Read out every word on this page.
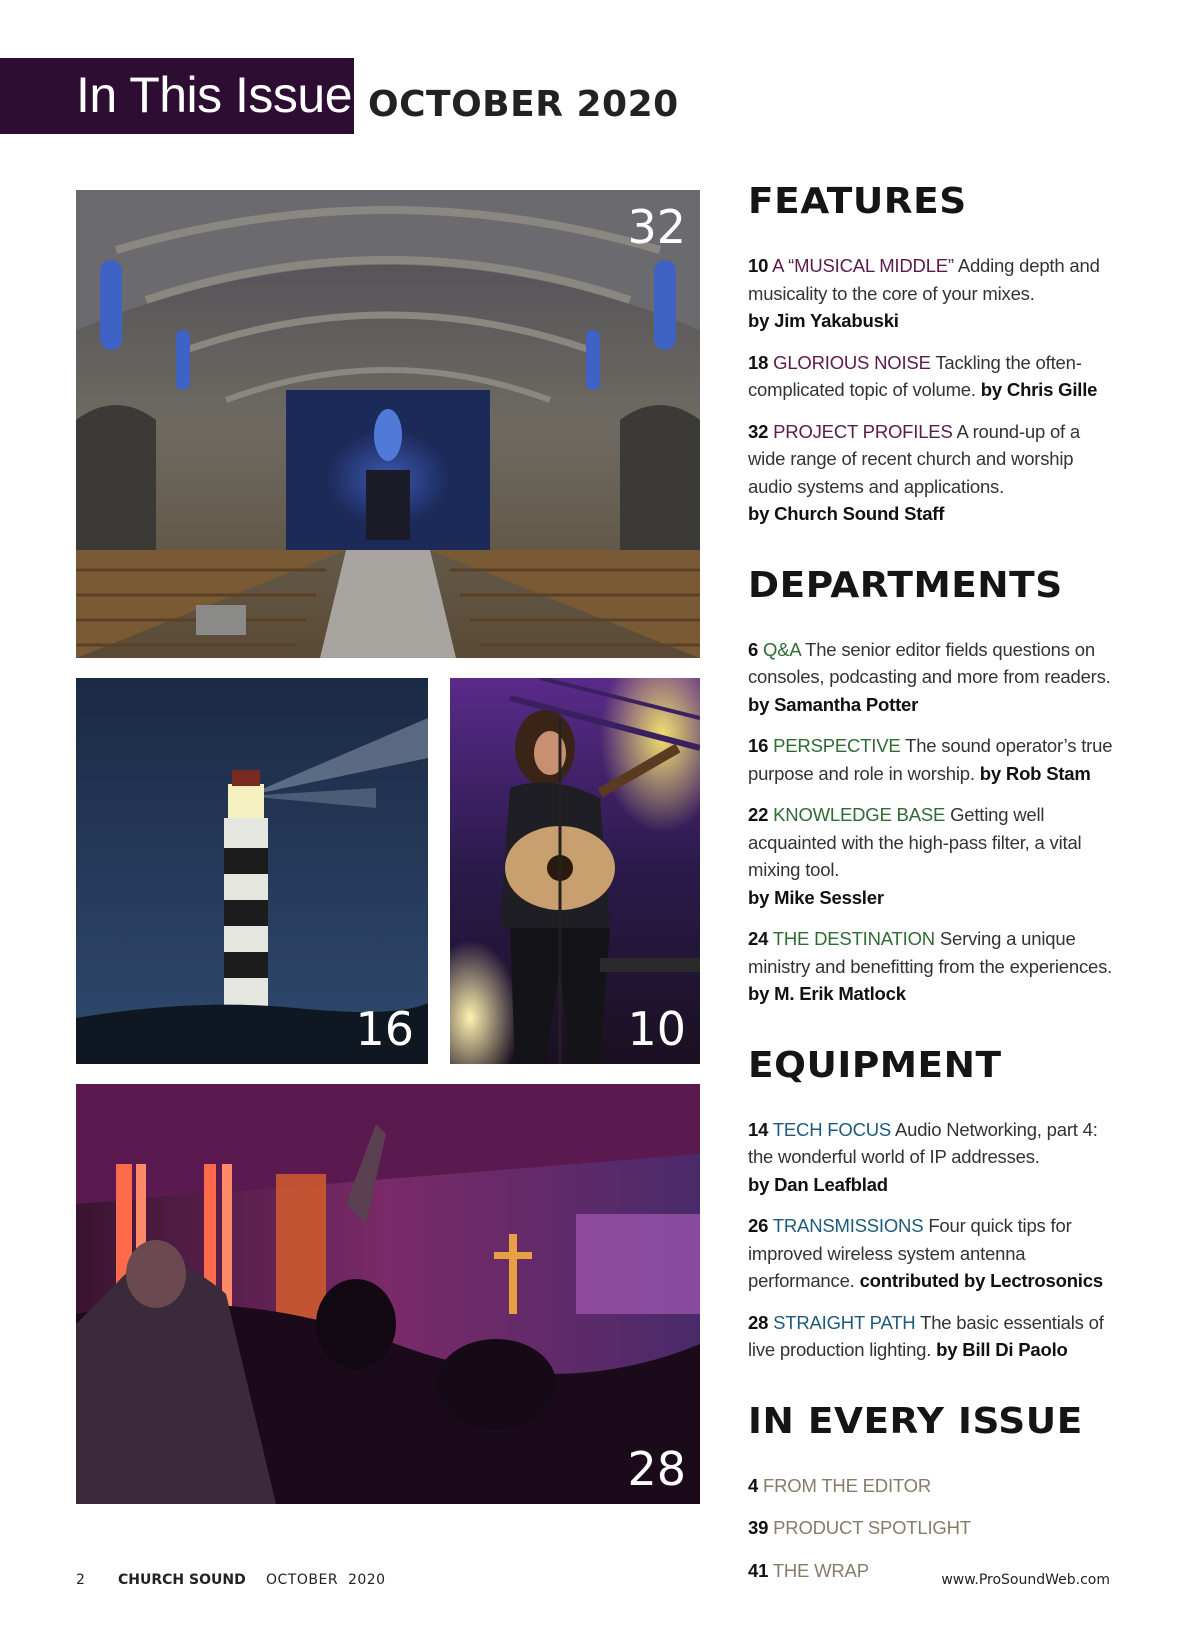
In This Issue OCTOBER 2020
32
16	10
28
FEATURES
10 A “MUSICAL MIDDLE” Adding depth and musicality to the core of your mixes.
by Jim Yakabuski
18 GLORIOUS NOISE Tackling the often-complicated topic of volume. by Chris Gille
32 PROJECT PROFILES A round-up of a wide range of recent church and worship audio systems and applications.
by Church Sound Staff
DEPARTMENTS
6 Q&A The senior editor fields questions on consoles, podcasting and more from readers.
by Samantha Potter
16 PERSPECTIVE The sound operator’s true purpose and role in worship. by Rob Stam
22 KNOWLEDGE BASE Getting well acquainted with the high-pass filter, a vital mixing tool.
by Mike Sessler
24 THE DESTINATION Serving a unique ministry and benefitting from the experiences.
by M. Erik Matlock
EQUIPMENT
14 TECH FOCUS Audio Networking, part 4: the wonderful world of IP addresses.
by Dan Leafblad
26 TRANSMISSIONS Four quick tips for improved wireless system antenna performance. contributed by Lectrosonics
28 STRAIGHT PATH The basic essentials of live production lighting. by Bill Di Paolo
IN EVERY ISSUE
4 FROM THE EDITOR
39 PRODUCT SPOTLIGHT
41 THE WRAP
2 CHURCH SOUND OCTOBER  2020	www.ProSoundWeb.com
